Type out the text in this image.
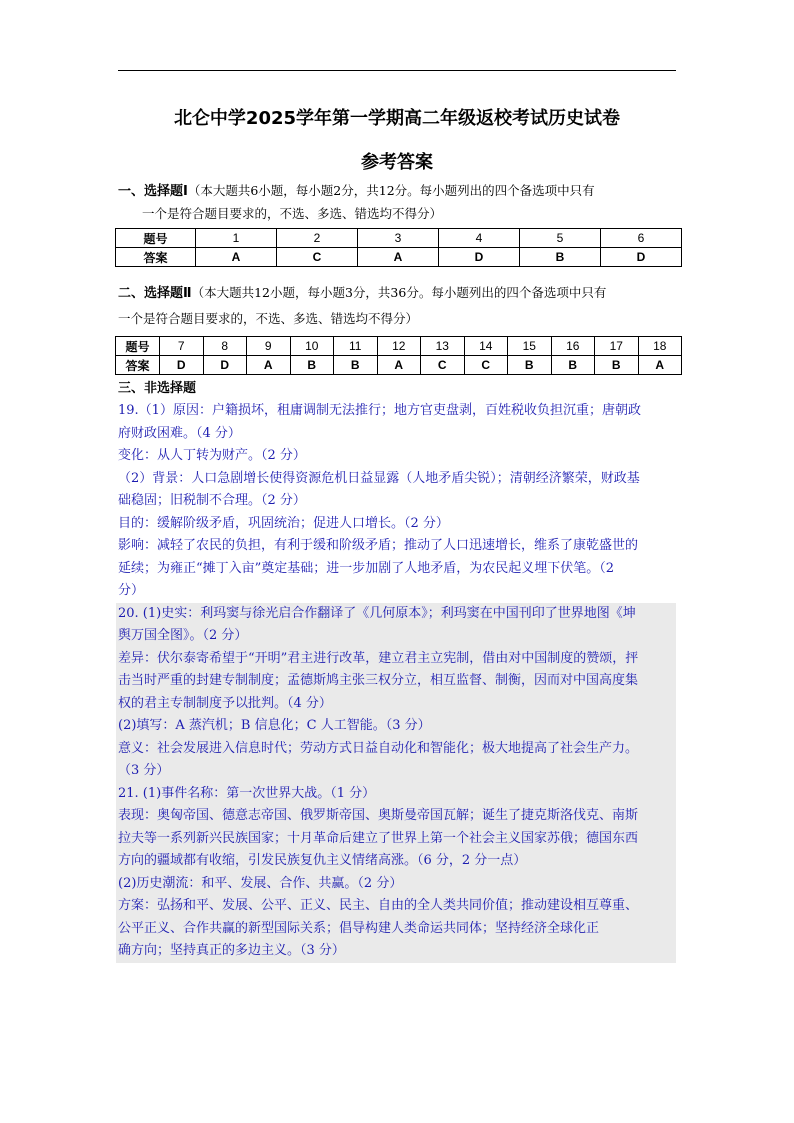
北仑中学2025学年第一学期高二年级返校考试历史试卷
参考答案
一、选择题Ⅰ（本大题共6小题，每小题2分，共12分。每小题列出的四个备选项中只有
一个是符合题目要求的，不选、多选、错选均不得分）
题号	1	2	3	4	5	6
答案	A	C	A	D	B	D
二、选择题Ⅱ（本大题共12小题，每小题3分，共36分。每小题列出的四个备选项中只有
一个是符合题目要求的，不选、多选、错选均不得分）
题号	7	8	9	10	11	12	13	14	15	16	17	18
答案	D	D	A	B	B	A	C	C	B	B	B	A
三、非选择题
19.（1）原因：户籍损坏，租庸调制无法推行；地方官吏盘剥，百姓税收负担沉重；唐朝政
府财政困难。（4 分）
变化：从人丁转为财产。（2 分）
（2）背景：人口急剧增长使得资源危机日益显露（人地矛盾尖锐）；清朝经济繁荣，财政基
础稳固；旧税制不合理。（2 分）
目的：缓解阶级矛盾，巩固统治；促进人口增长。（2 分）
影响：减轻了农民的负担，有利于缓和阶级矛盾；推动了人口迅速增长，维系了康乾盛世的
延续；为雍正“摊丁入亩”奠定基础；进一步加剧了人地矛盾，为农民起义埋下伏笔。（2
分）
20. (1)史实：利玛窦与徐光启合作翻译了《几何原本》；利玛窦在中国刊印了世界地图《坤
舆万国全图》。（2 分）
差异：伏尔泰寄希望于“开明”君主进行改革，建立君主立宪制，借由对中国制度的赞颂，抨
击当时严重的封建专制制度；孟德斯鸠主张三权分立，相互监督、制衡，因而对中国高度集
权的君主专制制度予以批判。（4 分）
(2)填写：A 蒸汽机；B 信息化；C 人工智能。（3 分）
意义：社会发展进入信息时代；劳动方式日益自动化和智能化；极大地提高了社会生产力。
（3 分）
21. (1)事件名称：第一次世界大战。（1 分）
表现：奥匈帝国、德意志帝国、俄罗斯帝国、奥斯曼帝国瓦解；诞生了捷克斯洛伐克、南斯
拉夫等一系列新兴民族国家；十月革命后建立了世界上第一个社会主义国家苏俄；德国东西
方向的疆域都有收缩，引发民族复仇主义情绪高涨。（6 分，2 分一点）
(2)历史潮流：和平、发展、合作、共赢。（2 分）
方案：弘扬和平、发展、公平、正义、民主、自由的全人类共同价值；推动建设相互尊重、
公平正义、合作共赢的新型国际关系；倡导构建人类命运共同体；坚持经济全球化正
确方向；坚持真正的多边主义。（3 分）
